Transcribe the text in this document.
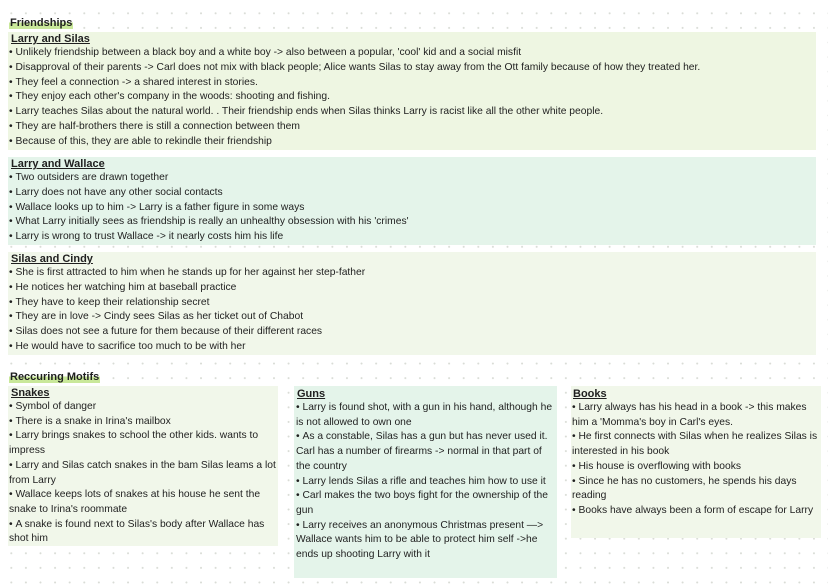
Friendships
Larry and Silas
• Unlikely friendship between a black boy and a white boy -> also between a popular, 'cool' kid and a social misfit
• Disapproval of their parents -> Carl does not mix with black people; Alice wants Silas to stay away from the Ott family because of how they treated her.
• They feel a connection -> a shared interest in stories.
• They enjoy each other's company in the woods: shooting and fishing.
• Larry teaches Silas about the natural world. . Their friendship ends when Silas thinks Larry is racist like all the other white people.
• They are half-brothers there is still a connection between them
• Because of this, they are able to rekindle their friendship
Larry and Wallace
• Two outsiders are drawn together
• Larry does not have any other social contacts
• Wallace looks up to him -> Larry is a father figure in some ways
• What Larry initially sees as friendship is really an unhealthy obsession with his 'crimes'
• Larry is wrong to trust Wallace -> it nearly costs him his life
Silas and Cindy
• She is first attracted to him when he stands up for her against her step-father
• He notices her watching him at baseball practice
• They have to keep their relationship secret
• They are in love -> Cindy sees Silas as her ticket out of Chabot
• Silas does not see a future for them because of their different races
• He would have to sacrifice too much to be with her
Reccuring Motifs
Snakes
• Symbol of danger
• There is a snake in Irina's mailbox
• Larry brings snakes to school the other kids. wants to impress
• Larry and Silas catch snakes in the bam Silas leams a lot from Larry
• Wallace keeps lots of snakes at his house he sent the snake to Irina's roommate
• A snake is found next to Silas's body after Wallace has shot him
Guns
• Larry is found shot, with a gun in his hand, although he is not allowed to own one
• As a constable, Silas has a gun but has never used it. Carl has a number of firearms -> normal in that part of the country
• Larry lends Silas a rifle and teaches him how to use it
• Carl makes the two boys fight for the ownership of the gun
• Larry receives an anonymous Christmas present —> Wallace wants him to be able to protect him self ->he ends up shooting Larry with it
Books
• Larry always has his head in a book -> this makes him a 'Momma's boy in Carl's eyes.
• He first connects with Silas when he realizes Silas is interested in his book
• His house is overflowing with books
• Since he has no customers, he spends his days reading
• Books have always been a form of escape for Larry
